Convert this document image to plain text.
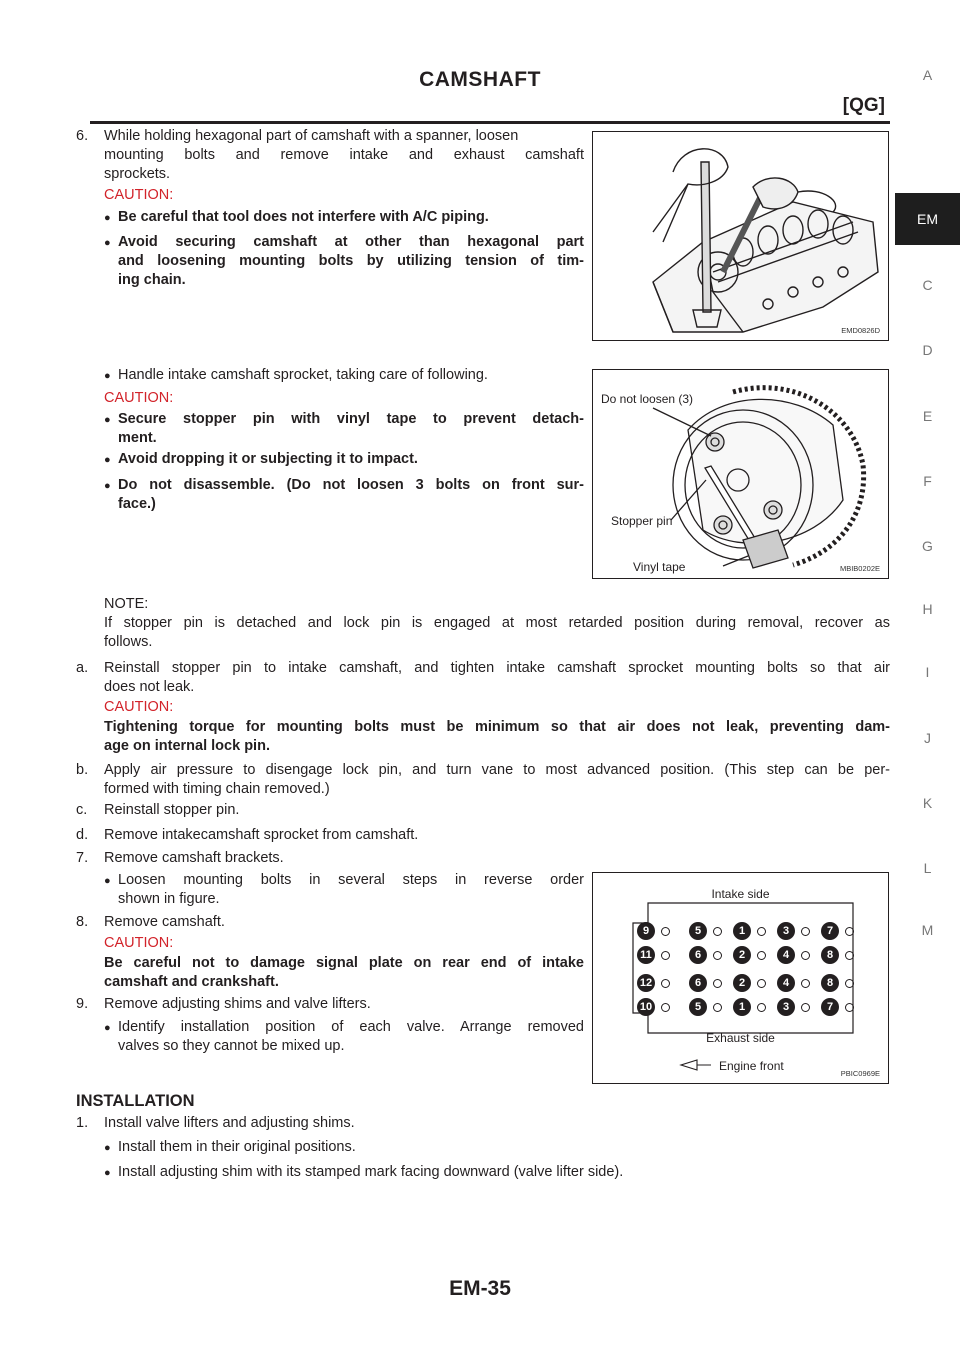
CAMSHAFT
[QG]
A
EM
C
D
E
F
G
H
I
J
K
L
M
6. While holding hexagonal part of camshaft with a spanner, loosen
mounting bolts and remove intake and exhaust camshaft
sprockets.
CAUTION:
● Be careful that tool does not interfere with A/C piping.
● Avoid securing camshaft at other than hexagonal part
and loosening mounting bolts by utilizing tension of tim-
ing chain.
EMD0826D
● Handle intake camshaft sprocket, taking care of following.
CAUTION:
● Secure stopper pin with vinyl tape to prevent detach-
ment.
● Avoid dropping it or subjecting it to impact.
● Do not disassemble. (Do not loosen 3 bolts on front sur-
face.)
Do not loosen (3)
Stopper pin
Vinyl tape	MBIB0202E
NOTE:
If stopper pin is detached and lock pin is engaged at most retarded position during removal, recover as
follows.
a. Reinstall stopper pin to intake camshaft, and tighten intake camshaft sprocket mounting bolts so that air
does not leak.
CAUTION:
Tightening torque for mounting bolts must be minimum so that air does not leak, preventing dam-
age on internal lock pin.
b. Apply air pressure to disengage lock pin, and turn vane to most advanced position. (This step can be per-
formed with timing chain removed.)
c. Reinstall stopper pin.
d. Remove intakecamshaft sprocket from camshaft.
7. Remove camshaft brackets.
● Loosen mounting bolts in several steps in reverse order
shown in figure.
8. Remove camshaft.
CAUTION:
Be careful not to damage signal plate on rear end of intake
camshaft and crankshaft.
9. Remove adjusting shims and valve lifters.
● Identify installation position of each valve. Arrange removed
valves so they cannot be mixed up.
Intake side
9	5	1	3	7
11	6	2	4	8
12	6	2	4	8
10	5	1	3	7
Exhaust side
Engine front
PBIC0969E
INSTALLATION
1. Install valve lifters and adjusting shims.
● Install them in their original positions.
● Install adjusting shim with its stamped mark facing downward (valve lifter side).
EM-35
